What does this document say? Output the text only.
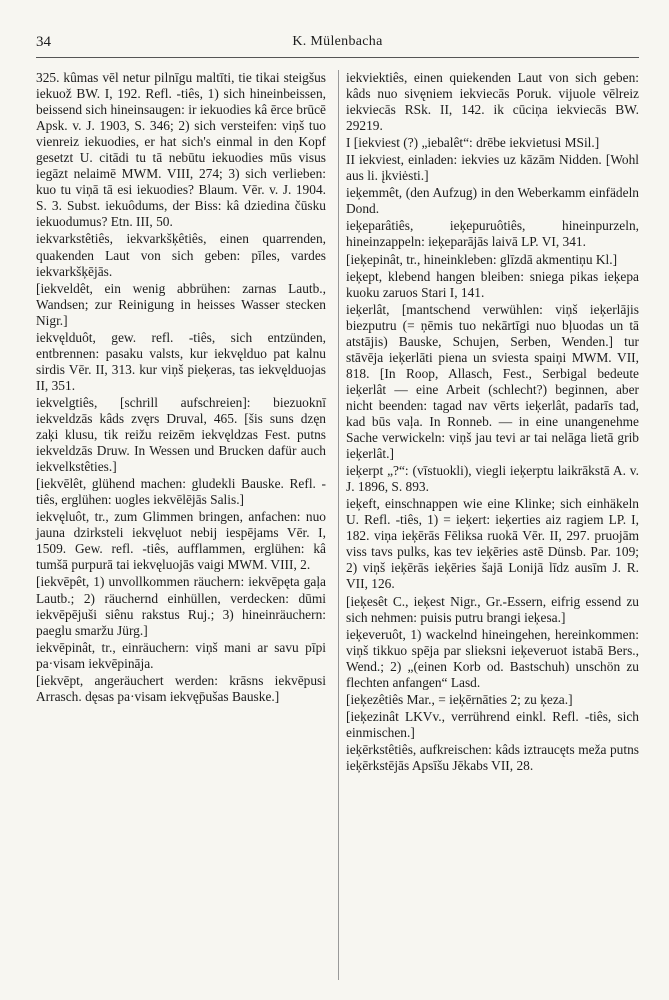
34	K. Mülenbacha

325. kûmas vēl netur pilnīgu maltīti, tie tikai steigšus iekuož BW. I, 192. Refl. -tiês, 1) sich hineinbeissen, beissend sich hineinsaugen: ir iekuodies kâ ērce brūcē Apsk. v. J. 1903, S. 346; 2) sich versteifen: viņš tuo vienreiz iekuodies, er hat sich's einmal in den Kopf gesetzt U. citādi tu tā nebūtu iekuodies mūs visus iegāzt nelaimē MWM. VIII, 274; 3) sich verlieben: kuo tu viņā tā esi iekuodies? Blaum. Vēr. v. J. 1904. S. 3. Subst. iekuôdums, der Biss: kâ dziedina čūsku iekuodumus? Etn. III, 50.

iekvarkstêtiês, iekvarkšķêtiês, einen quarrenden, quakenden Laut von sich geben: pīles, vardes iekvarkšķējās.

[iekveldêt, ein wenig abbrühen: zarnas Lautb., Wandsen; zur Reinigung in heisses Wasser stecken Nigr.]

iekvęlduôt, gew. refl. -tiês, sich entzünden, entbrennen: pasaku valsts, kur iekvęlduo pat kalnu sirdis Vēr. II, 313. kur viņš pieķeras, tas iekvęlduojas II, 351.

iekvelgtiês, [schrill aufschreien]: biezuoknī iekveldzās kâds zvęrs Druval, 465. [šis suns dzęn zaķi klusu, tik reižu reizēm iekvęldzas Fest. putns iekveldzās Druw. In Wessen und Brucken dafür auch iekvelkstêties.]

[iekvēlêt, glühend machen: gludekli Bauske. Refl. -tiês, erglühen: uogles iekvēlējās Salis.]

iekvęluôt, tr., zum Glimmen bringen, anfachen: nuo jauna dzirksteli iekvęluot nebij iespējams Vēr. I, 1509. Gew. refl. -tiês, aufflammen, erglühen: kâ tumšā purpurā tai iekvęluojās vaigi MWM. VIII, 2.

[iekvēpêt, 1) unvollkommen räuchern: iekvēpęta gaļa Lautb.; 2) räuchernd einhüllen, verdecken: dūmi iekvēpējuši siênu rakstus Ruj.; 3) hineinräuchern: paeglu smaržu Jürg.]

iekvēpinât, tr., einräuchern: viņš mani ar savu pīpi pa·visam iekvēpināja.

[iekvēpt, angeräuchert werden: krāsns iekvēpusi Arrasch. dęsas pa·visam iekvęp̄ušas Bauske.]

iekviektiês, einen quiekenden Laut von sich geben: kâds nuo sivęniem iekviecās Poruk. vijuole vēlreiz iekviecās RSk. II, 142. ik cūciņa iekviecās BW. 29219.

I [iekviest (?) „iebalêt“: drēbe iekvietusi MSil.]

II iekviest, einladen: iekvies uz kāzām Nidden. [Wohl aus li. įkviėsti.]

ieķemmêt, (den Aufzug) in den Weberkamm einfädeln Dond.

ieķeparâtiês, ieķepuruôtiês, hineinpurzeln, hineinzappeln: ieķeparājās laivā LP. VI, 341.

[ieķepinât, tr., hineinkleben: glīzdā akmentiņu Kl.]

ieķept, klebend hangen bleiben: sniega pikas ieķepa kuoku zaruos Stari I, 141.

ieķerlât, [mantschend verwühlen: viņš ieķerlājis biezputru (= ņēmis tuo nekārtīgi nuo bļuodas un tā atstājis) Bauske, Schujen, Serben, Wenden.] tur stāvēja ieķerlāti piena un sviesta spaiņi MWM. VII, 818. [In Roop, Allasch, Fest., Serbigal bedeute ieķerlât — eine Arbeit (schlecht?) beginnen, aber nicht beenden: tagad nav vērts ieķerlât, padarīs tad, kad būs vaļa. In Ronneb. — in eine unangenehme Sache verwickeln: viņš jau tevi ar tai nelāga lietā grib ieķerlât.]

ieķerpt „?“: (vīstuokli), viegli ieķerptu laikrākstā A. v. J. 1896, S. 893.

ieķeft, einschnappen wie eine Klinke; sich einhäkeln U. Refl. -tiês, 1) = ieķert: ieķerties aiz ragiem LP. I, 182. viņa ieķērās Fēliksa ruokā Vēr. II, 297. pruojām viss tavs pulks, kas tev ieķēries astē Dünsb. Par. 109; 2) viņš ieķērās ieķēries šajā Lonijā līdz ausīm J. R. VII, 126.

[ieķesêt C., ieķest Nigr., Gr.-Essern, eifrig essend zu sich nehmen: puisis putru brangi ieķesa.]

ieķeveruôt, 1) wackelnd hineingehen, hereinkommen: viņš tikkuo spēja par slieksni ieķeveruot istabā Bers., Wend.; 2) „(einen Korb od. Bastschuh) unschön zu flechten anfangen“ Lasd.

[ieķezêtiês Mar., = ieķērnāties 2; zu ķeza.]

[ieķezinât LKVv., verrührend einkl. Refl. -tiês, sich einmischen.]

ieķērkstêtiês, aufkreischen: kâds iztraucęts meža putns ieķērkstējās Apsīšu Jēkabs VII, 28.
